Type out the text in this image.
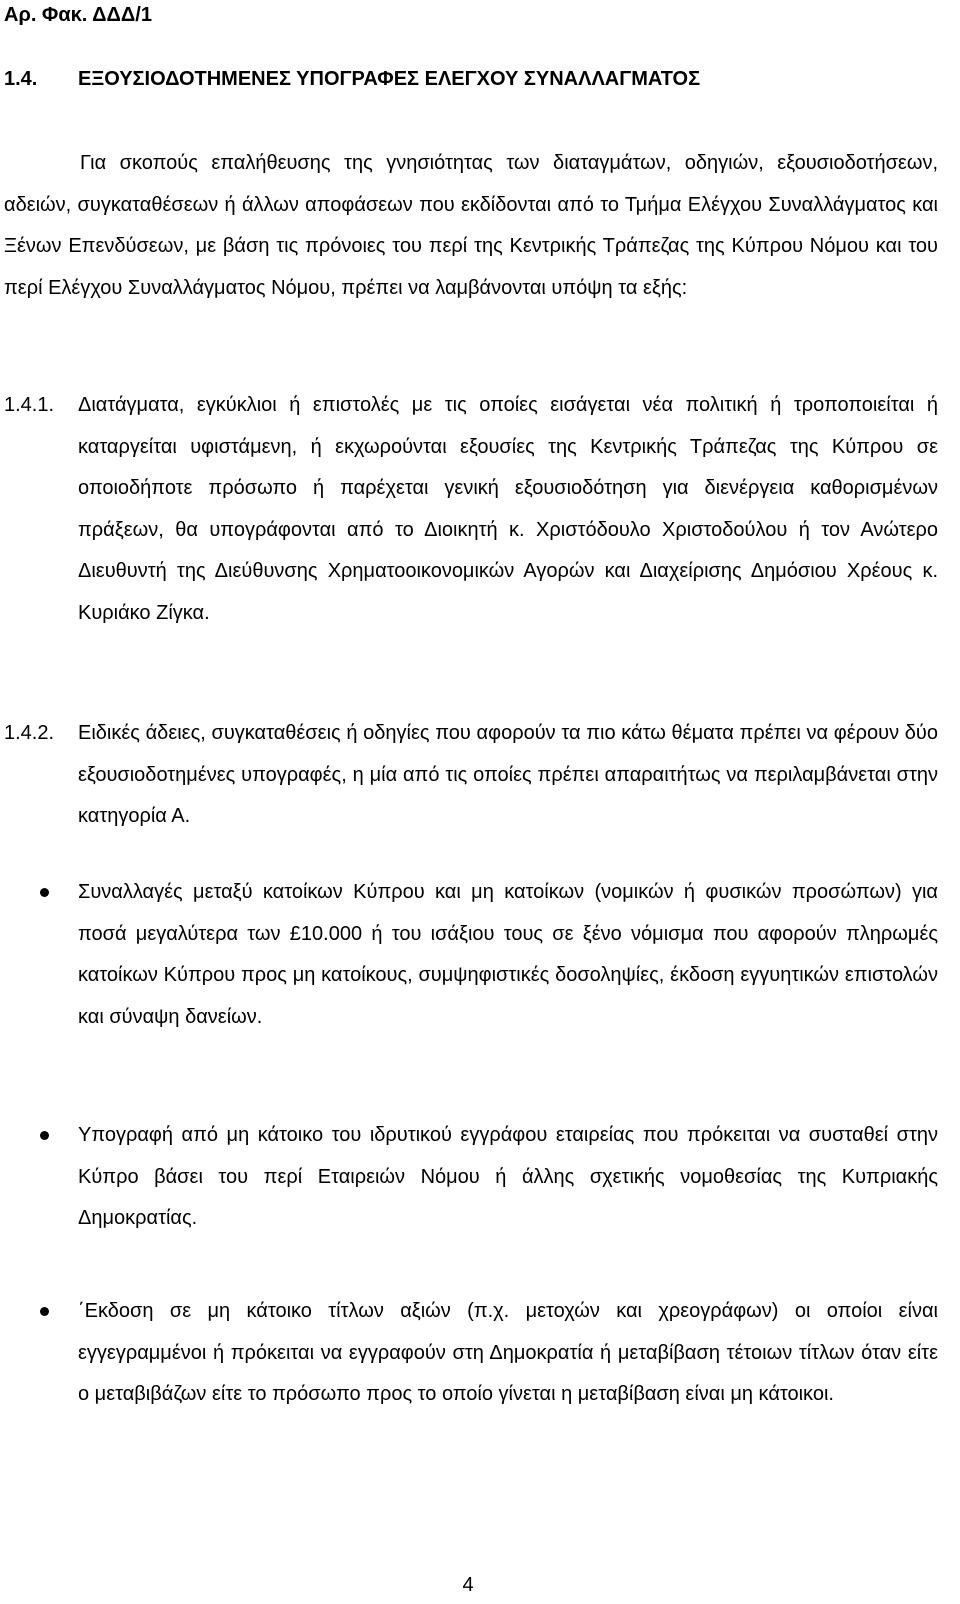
Αρ. Φακ. ΔΔΔ/1
1.4. ΕΞΟΥΣΙΟΔΟΤΗΜΕΝΕΣ ΥΠΟΓΡΑΦΕΣ ΕΛΕΓΧΟΥ ΣΥΝΑΛΛΑΓΜΑΤΟΣ

Για σκοπούς επαλήθευσης της γνησιότητας των διαταγμάτων, οδηγιών, εξουσιοδοτήσεων, αδειών, συγκαταθέσεων ή άλλων αποφάσεων που εκδίδονται από το Τμήμα Ελέγχου Συναλλάγματος και Ξένων Επενδύσεων, με βάση τις πρόνοιες του περί της Κεντρικής Τράπεζας της Κύπρου Νόμου και του περί Ελέγχου Συναλλάγματος Νόμου, πρέπει να λαμβάνονται υπόψη τα εξής:

1.4.1. Διατάγματα, εγκύκλιοι ή επιστολές με τις οποίες εισάγεται νέα πολιτική ή τροποποιείται ή καταργείται υφιστάμενη, ή εκχωρούνται εξουσίες της Κεντρικής Τράπεζας της Κύπρου σε οποιοδήποτε πρόσωπο ή παρέχεται γενική εξουσιοδότηση για διενέργεια καθορισμένων πράξεων, θα υπογράφονται από το Διοικητή κ. Χριστόδουλο Χριστοδούλου ή τον Ανώτερο Διευθυντή της Διεύθυνσης Χρηματοοικονομικών Αγορών και Διαχείρισης Δημόσιου Χρέους κ. Κυριάκο Ζίγκα.
1.4.2. Ειδικές άδειες, συγκαταθέσεις ή οδηγίες που αφορούν τα πιο κάτω θέματα πρέπει να φέρουν δύο εξουσιοδοτημένες υπογραφές, η μία από τις οποίες πρέπει απαραιτήτως να περιλαμβάνεται στην κατηγορία Α.
Συναλλαγές μεταξύ κατοίκων Κύπρου και μη κατοίκων (νομικών ή φυσικών προσώπων) για ποσά μεγαλύτερα των £10.000 ή του ισάξιου τους σε ξένο νόμισμα που αφορούν πληρωμές κατοίκων Κύπρου προς μη κατοίκους, συμψηφιστικές δοσοληψίες, έκδοση εγγυητικών επιστολών και σύναψη δανείων.
Υπογραφή από μη κάτοικο του ιδρυτικού εγγράφου εταιρείας που πρόκειται να συσταθεί στην Κύπρο βάσει του περί Εταιρειών Νόμου ή άλλης σχετικής νομοθεσίας της Κυπριακής Δημοκρατίας.
΄Εκδοση σε μη κάτοικο τίτλων αξιών (π.χ. μετοχών και χρεογράφων) οι οποίοι είναι εγγεγραμμένοι ή πρόκειται να εγγραφούν στη Δημοκρατία ή μεταβίβαση τέτοιων τίτλων όταν είτε ο μεταβιβάζων είτε το πρόσωπο προς το οποίο γίνεται η μεταβίβαση είναι μη κάτοικοι.
4
